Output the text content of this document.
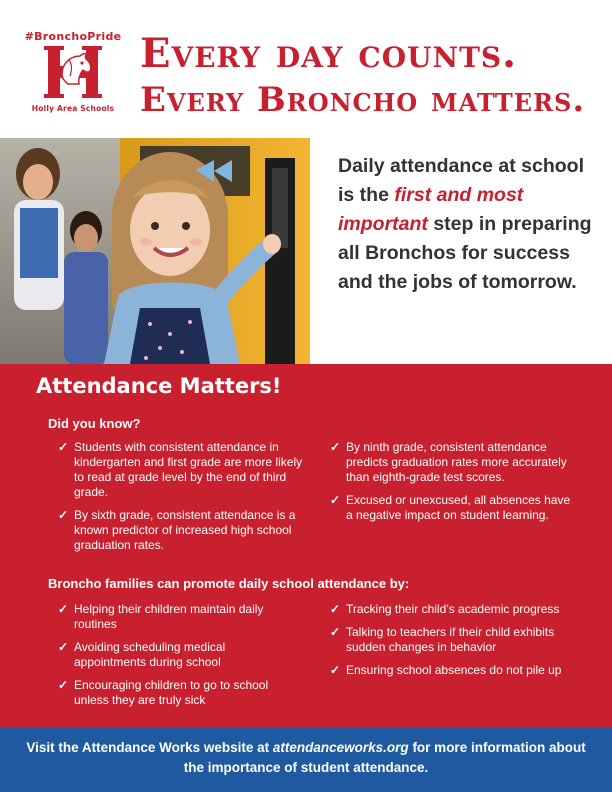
#BronchoPride
Holly Area Schools
Every day counts.
Every Broncho matters.
Daily attendance at school is the first and most important step in preparing all Bronchos for success and the jobs of tomorrow.
Attendance Matters!
Did you know?
✓ Students with consistent attendance in kindergarten and first grade are more likely to read at grade level by the end of third grade.
✓ By sixth grade, consistent attendance is a known predictor of increased high school graduation rates.
✓ By ninth grade, consistent attendance predicts graduation rates more accurately than eighth-grade test scores.
✓ Excused or unexcused, all absences have a negative impact on student learning.
Broncho families can promote daily school attendance by:
✓ Helping their children maintain daily routines
✓ Avoiding scheduling medical appointments during school
✓ Encouraging children to go to school unless they are truly sick
✓ Tracking their child’s academic progress
✓ Talking to teachers if their child exhibits sudden changes in behavior
✓ Ensuring school absences do not pile up
Visit the Attendance Works website at attendanceworks.org for more information about the importance of student attendance.
